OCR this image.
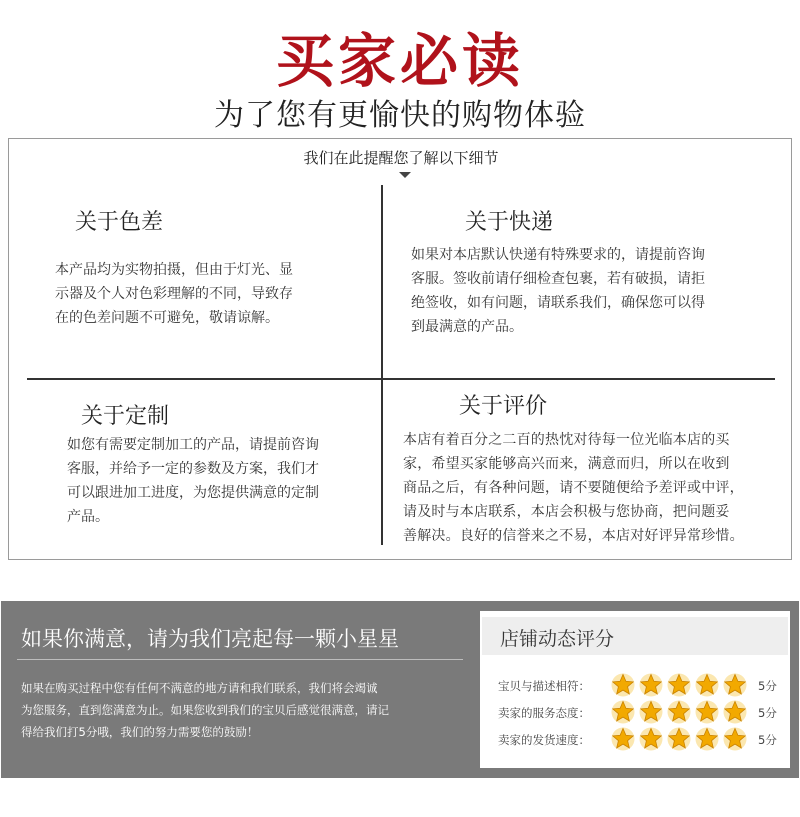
买家必读
为了您有更愉快的购物体验
我们在此提醒您了解以下细节
关于色差
本产品均为实物拍摄，但由于灯光、显
示器及个人对色彩理解的不同，导致存
在的色差问题不可避免，敬请谅解。
关于快递
如果对本店默认快递有特殊要求的，请提前咨询
客服。签收前请仔细检查包裹，若有破损，请拒
绝签收，如有问题，请联系我们，确保您可以得
到最满意的产品。
关于定制
如您有需要定制加工的产品，请提前咨询
客服，并给予一定的参数及方案，我们才
可以跟进加工进度，为您提供满意的定制
产品。
关于评价
本店有着百分之二百的热忱对待每一位光临本店的买
家，希望买家能够高兴而来，满意而归，所以在收到
商品之后，有各种问题，请不要随便给予差评或中评，
请及时与本店联系，本店会积极与您协商，把问题妥
善解决。良好的信誉来之不易，本店对好评异常珍惜。
如果你满意，请为我们亮起每一颗小星星
如果在购买过程中您有任何不满意的地方请和我们联系，我们将会竭诚
为您服务，直到您满意为止。如果您收到我们的宝贝后感觉很满意，请记
得给我们打5分哦，我们的努力需要您的鼓励！
店铺动态评分
宝贝与描述相符：	5分
卖家的服务态度：	5分
卖家的发货速度：	5分
